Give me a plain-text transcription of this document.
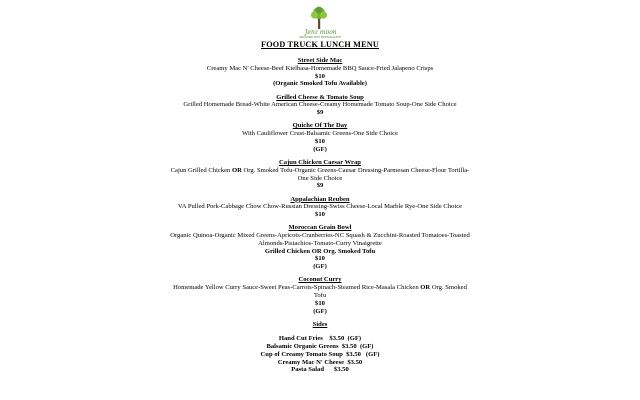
Jenz moon
SEASONED WITH MOTHER EARTH
FOOD TRUCK LUNCH MENU
Street Side Mac
Creamy Mac N' Cheese-Beef Kielbasa-Homemade BBQ Sauce-Fried Jalapeno Crisps
$10
(Organic Smoked Tofu Available)
Grilled Cheese & Tomato Soup
Grilled Homemade Bread-White American Cheese-Creamy Homemade Tomato Soup-One Side Choice
$9
Quiche Of The Day
With Cauliflower Crust-Balsamic Greens-One Side Choice
$10
(GF)
Cajun Chicken Caesar Wrap
Cajun Grilled Chicken OR Org. Smoked Tofu-Organic Greens-Caesar Dressing-Parmesan Cheese-Flour Tortilla-One Side Choice
$9
Appalachian Reuben
VA Pulled Pork-Cabbage Chow Chow-Russian Dressing-Swiss Cheese-Local Marble Rye-One Side Choice
$10
Moroccan Grain Bowl
Organic Quinoa-Organic Mixed Greens-Apricots-Cranberries-NC Squash & Zucchini-Roasted Tomatoes-Toasted Almonds-Pistachios-Tomato-Curry Vinaigrette
Grilled Chicken OR Org. Smoked Tofu
$10
(GF)
Coconut Curry
Homemade Yellow Curry Sauce-Sweet Peas-Carrots-Spinach-Steamed Rice-Masala Chicken OR Org. Smoked Tofu
$10
(GF)
Sides
Hand Cut Fries    $3.50  (GF)
Balsamic Organic Greens  $3.50  (GF)
Cup of Creamy Tomato Soup  $3.50   (GF)
Creamy Mac N' Cheese  $3.50
Pasta Salad      $3.50
